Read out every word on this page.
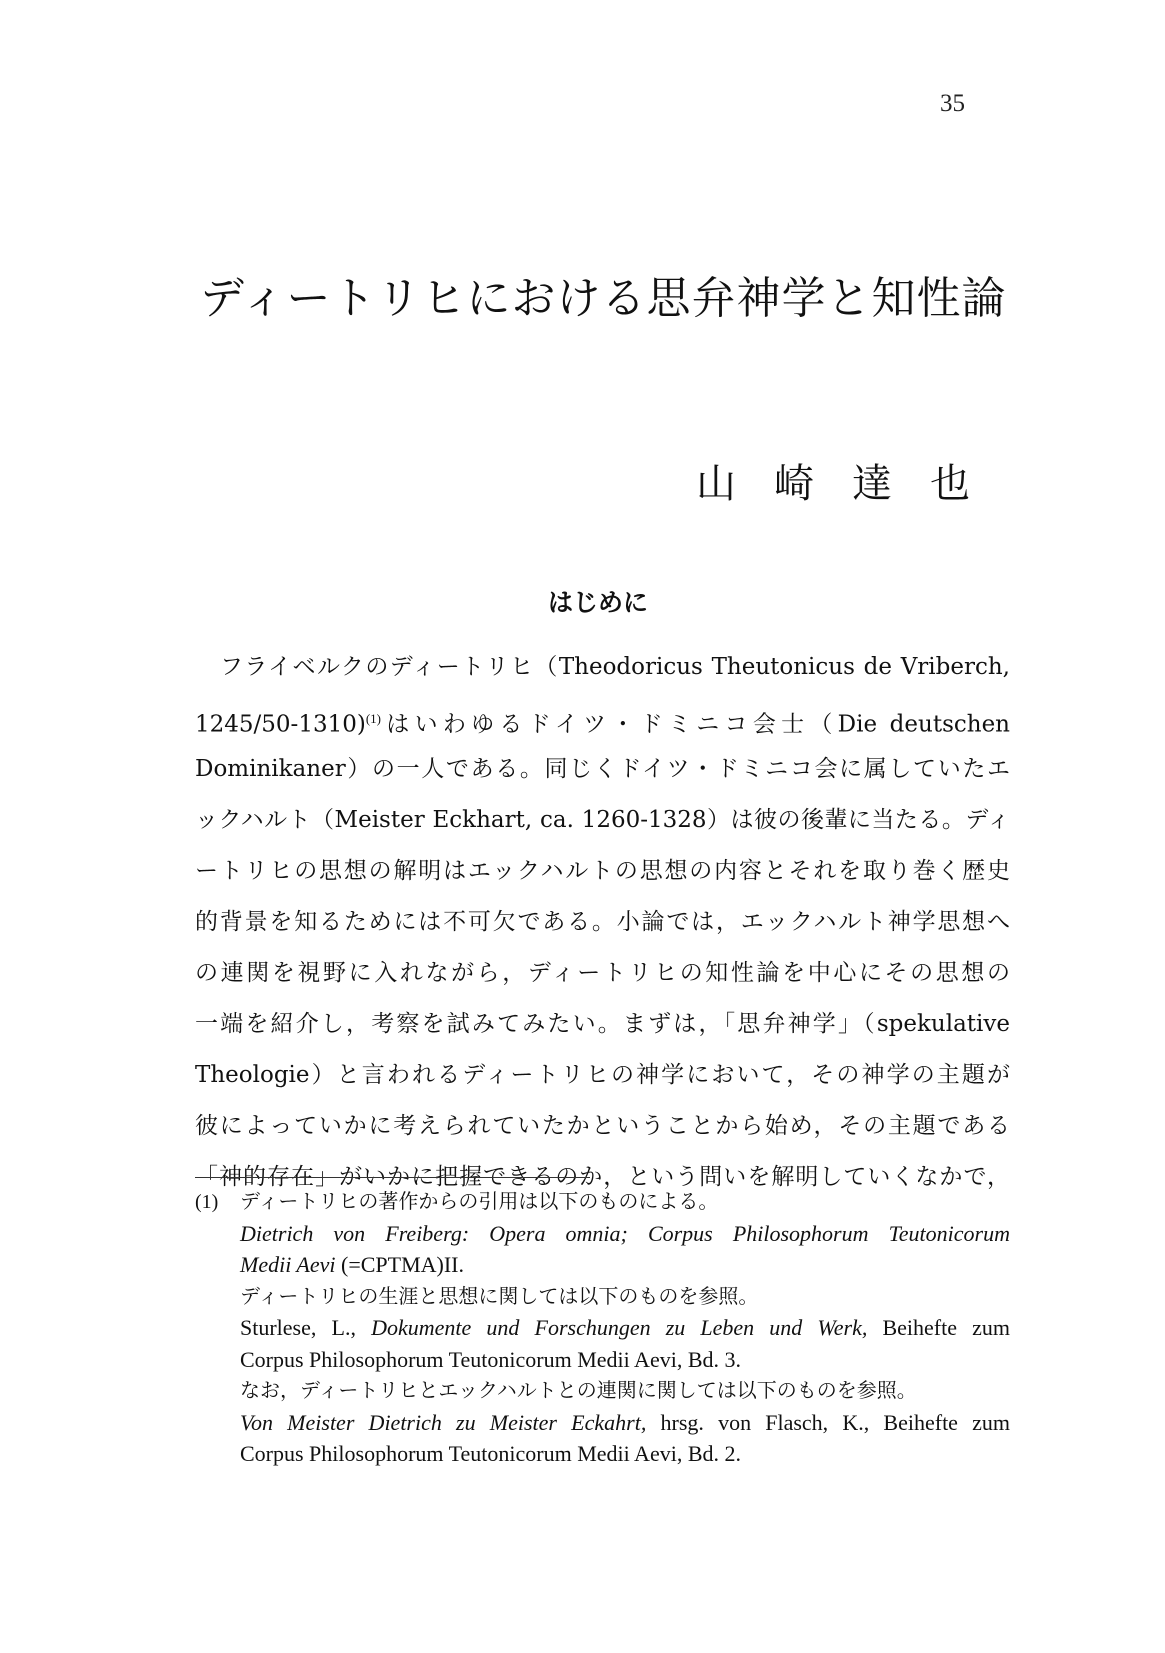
35
ディートリヒにおける思弁神学と知性論
山 崎 達 也
はじめに
フライベルクのディートリヒ（Theodoricus Theutonicus de Vriberch,
1245/50-1310)$^{(1)}$はいわゆるドイツ・ドミニコ会士（Die deutschen
Dominikaner）の一人である。同じくドイツ・ドミニコ会に属していたエ
ックハルト（Meister Eckhart, ca. 1260-1328）は彼の後輩に当たる。ディ
ートリヒの思想の解明はエックハルトの思想の内容とそれを取り巻く歴史
的背景を知るためには不可欠である。小論では，エックハルト神学思想へ
の連関を視野に入れながら，ディートリヒの知性論を中心にその思想の
一端を紹介し，考察を試みてみたい。まずは，「思弁神学」（spekulative
Theologie）と言われるディートリヒの神学において，その神学の主題が
彼によっていかに考えられていたかということから始め，その主題である
「神的存在」がいかに把握できるのか，という問いを解明していくなかで，
(1) ディートリヒの著作からの引用は以下のものによる。
Dietrich von Freiberg: Opera omnia; Corpus Philosophorum Teutonicorum
Medii Aevi (=CPTMA)II.
ディートリヒの生涯と思想に関しては以下のものを参照。
Sturlese, L., Dokumente und Forschungen zu Leben und Werk, Beihefte zum
Corpus Philosophorum Teutonicorum Medii Aevi, Bd. 3.
なお，ディートリヒとエックハルトとの連関に関しては以下のものを参照。
Von Meister Dietrich zu Meister Eckahrt, hrsg. von Flasch, K., Beihefte zum
Corpus Philosophorum Teutonicorum Medii Aevi, Bd. 2.
